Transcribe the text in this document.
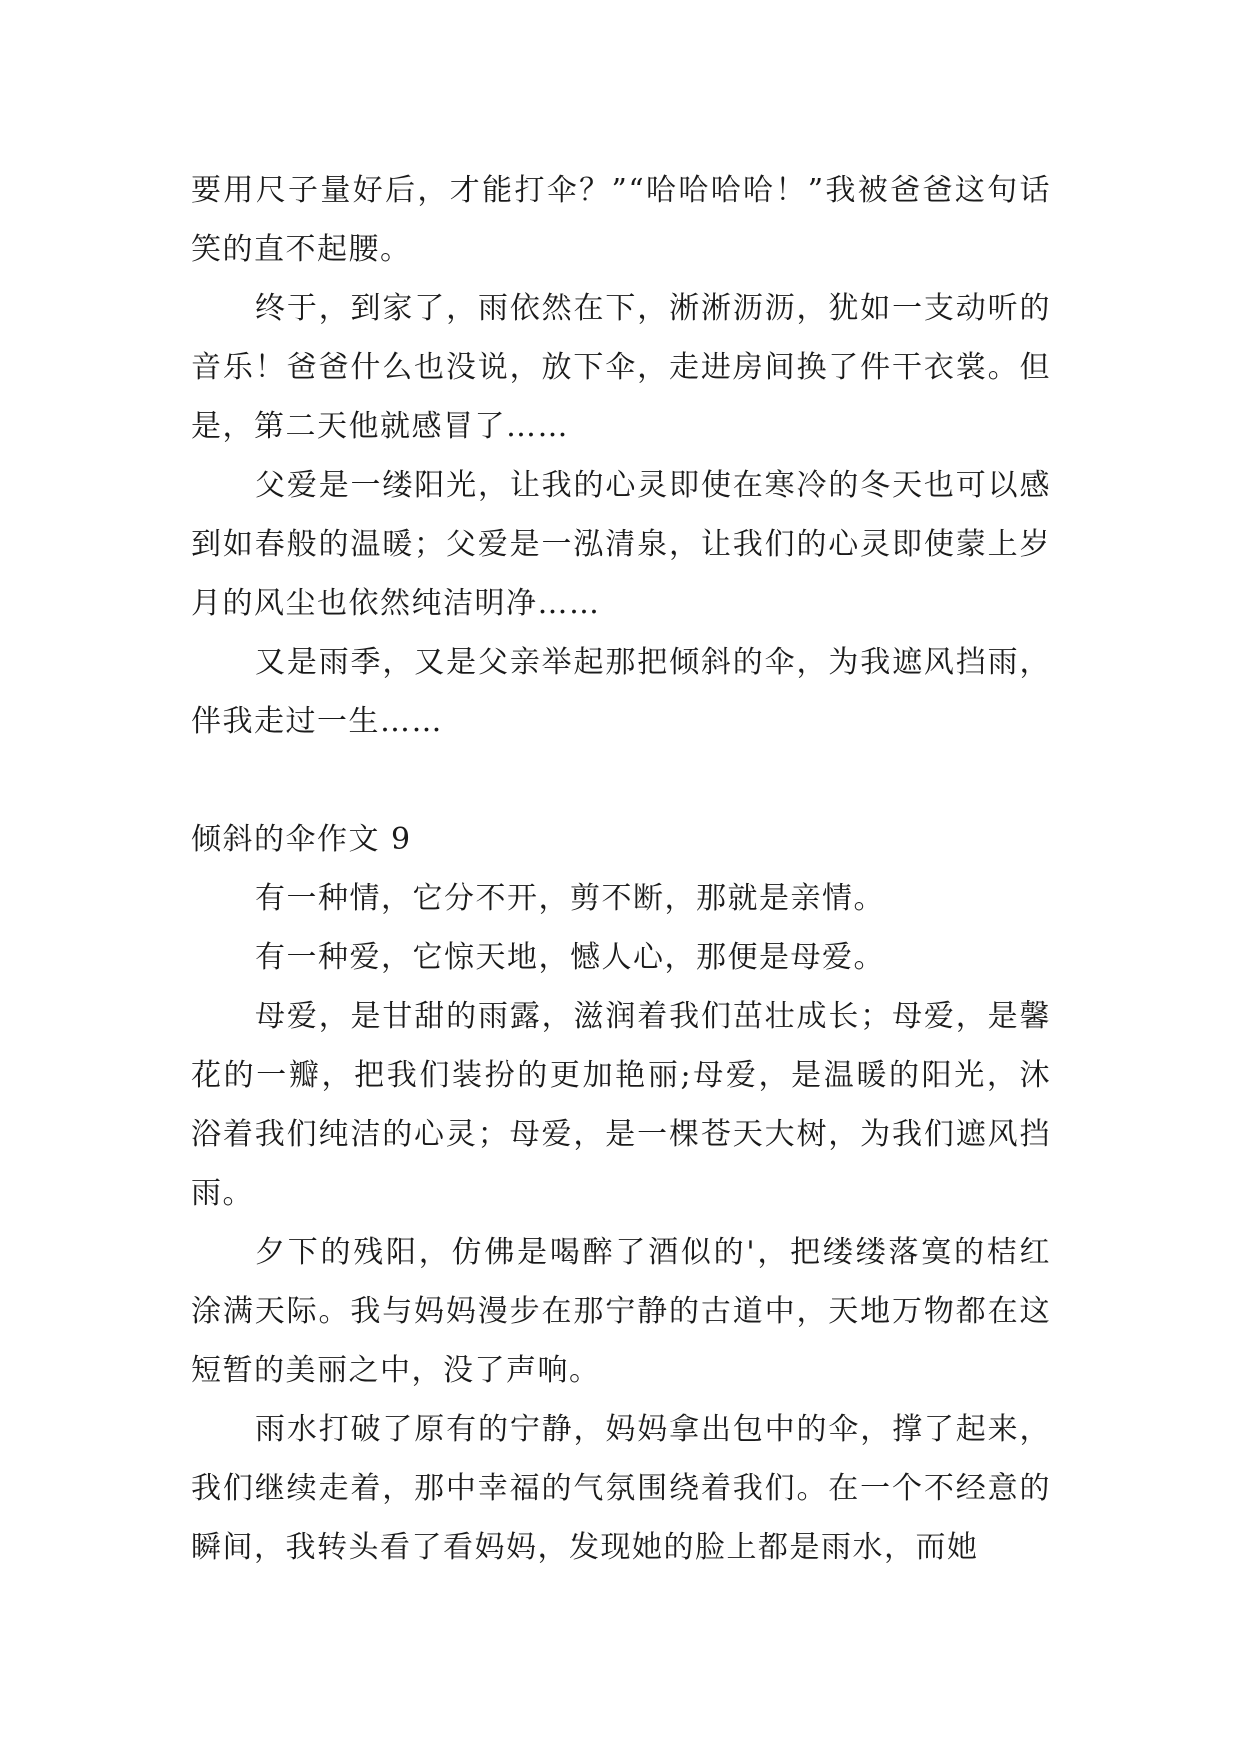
要用尺子量好后，才能打伞？”“哈哈哈哈！”我被爸爸这句话笑的直不起腰。

终于，到家了，雨依然在下，淅淅沥沥，犹如一支动听的音乐！爸爸什么也没说，放下伞，走进房间换了件干衣裳。但是，第二天他就感冒了……

父爱是一缕阳光，让我的心灵即使在寒冷的冬天也可以感到如春般的温暖；父爱是一泓清泉，让我们的心灵即使蒙上岁月的风尘也依然纯洁明净……

又是雨季，又是父亲举起那把倾斜的伞，为我遮风挡雨，伴我走过一生……

倾斜的伞作文 9

有一种情，它分不开，剪不断，那就是亲情。

有一种爱，它惊天地，憾人心，那便是母爱。

母爱，是甘甜的雨露，滋润着我们茁壮成长；母爱，是馨花的一瓣，把我们装扮的更加艳丽;母爱，是温暖的阳光，沐浴着我们纯洁的心灵；母爱，是一棵苍天大树，为我们遮风挡雨。

夕下的残阳，仿佛是喝醉了酒似的'，把缕缕落寞的桔红涂满天际。我与妈妈漫步在那宁静的古道中，天地万物都在这短暂的美丽之中，没了声响。

雨水打破了原有的宁静，妈妈拿出包中的伞，撑了起来，我们继续走着，那中幸福的气氛围绕着我们。在一个不经意的瞬间，我转头看了看妈妈，发现她的脸上都是雨水，而她
